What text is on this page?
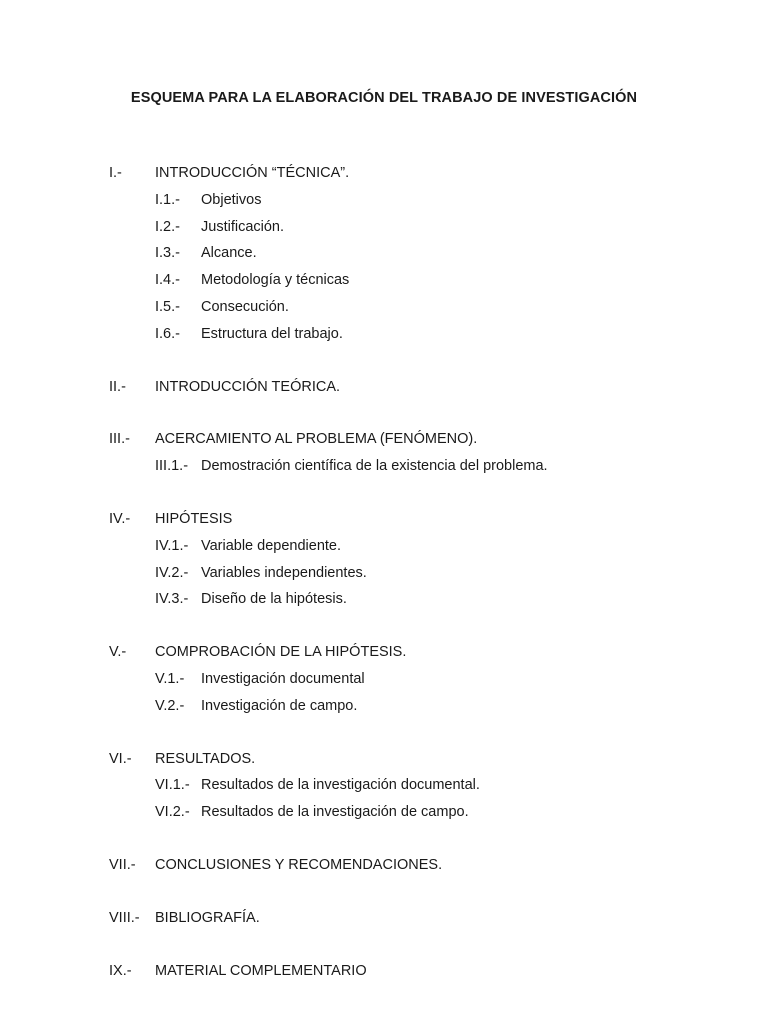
ESQUEMA PARA LA ELABORACIÓN DEL TRABAJO DE INVESTIGACIÓN
I.- INTRODUCCIÓN “TÉCNICA”.
I.1.- Objetivos
I.2.- Justificación.
I.3.- Alcance.
I.4.- Metodología y técnicas
I.5.- Consecución.
I.6.- Estructura del trabajo.
II.- INTRODUCCIÓN TEÓRICA.
III.- ACERCAMIENTO AL PROBLEMA (FENÓMENO).
III.1.- Demostración científica de la existencia del problema.
IV.- HIPÓTESIS
IV.1.- Variable dependiente.
IV.2.- Variables independientes.
IV.3.- Diseño de la hipótesis.
V.- COMPROBACIÓN DE LA HIPÓTESIS.
V.1.- Investigación documental
V.2.- Investigación de campo.
VI.- RESULTADOS.
VI.1.- Resultados de la investigación documental.
VI.2.- Resultados de la investigación de campo.
VII.- CONCLUSIONES Y RECOMENDACIONES.
VIII.- BIBLIOGRAFÍA.
IX.- MATERIAL COMPLEMENTARIO
